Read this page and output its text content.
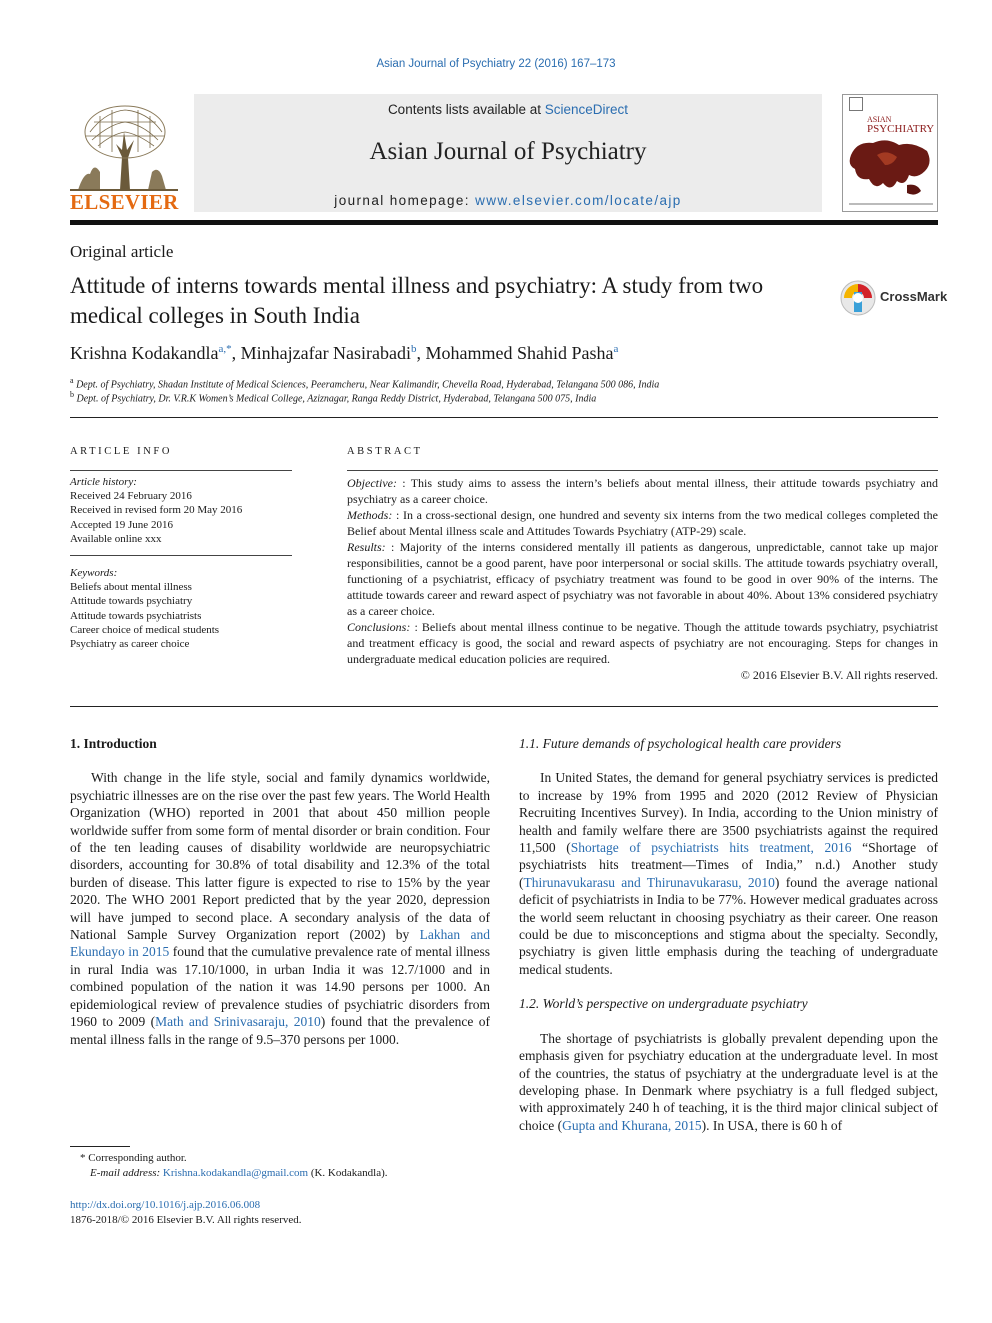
Asian Journal of Psychiatry 22 (2016) 167–173
ELSEVIER
Contents lists available at ScienceDirect
Asian Journal of Psychiatry
journal homepage: www.elsevier.com/locate/ajp
ASIAN
PSYCHIATRY
Original article
Attitude of interns towards mental illness and psychiatry: A study from two medical colleges in South India
CrossMark
Krishna Kodakandla$^{a,*}$, Minhajzafar Nasirabadi$^b$, Mohammed Shahid Pasha$^a$
$^a$ Dept. of Psychiatry, Shadan Institute of Medical Sciences, Peeramcheru, Near Kalimandir, Chevella Road, Hyderabad, Telangana 500 086, India
$^b$ Dept. of Psychiatry, Dr. V.R.K Women’s Medical College, Aziznagar, Ranga Reddy District, Hyderabad, Telangana 500 075, India
ARTICLE INFO
Article history:
Received 24 February 2016
Received in revised form 20 May 2016
Accepted 19 June 2016
Available online xxx
Keywords:
Beliefs about mental illness
Attitude towards psychiatry
Attitude towards psychiatrists
Career choice of medical students
Psychiatry as career choice
ABSTRACT

Objective: : This study aims to assess the intern’s beliefs about mental illness, their attitude towards psychiatry and psychiatry as a career choice.

Methods: : In a cross-sectional design, one hundred and seventy six interns from the two medical colleges completed the Belief about Mental illness scale and Attitudes Towards Psychiatry (ATP-29) scale.

Results: : Majority of the interns considered mentally ill patients as dangerous, unpredictable, cannot take up major responsibilities, cannot be a good parent, have poor interpersonal or social skills. The attitude towards psychiatry overall, functioning of a psychiatrist, efficacy of psychiatry treatment was found to be good in over 90% of the interns. The attitude towards career and reward aspect of psychiatry was not favorable in about 40%. About 13% considered psychiatry as a career choice.

Conclusions: : Beliefs about mental illness continue to be negative. Though the attitude towards psychiatry, psychiatrist and treatment efficacy is good, the social and reward aspects of psychiatry are not encouraging. Steps for changes in undergraduate medical education policies are required.

© 2016 Elsevier B.V. All rights reserved.

1. Introduction
With change in the life style, social and family dynamics worldwide, psychiatric illnesses are on the rise over the past few years. The World Health Organization (WHO) reported in 2001 that about 450 million people worldwide suffer from some form of mental disorder or brain condition. Four of the ten leading causes of disability worldwide are neuropsychiatric disorders, accounting for 30.8% of total disability and 12.3% of the total burden of disease. This latter figure is expected to rise to 15% by the year 2020. The WHO 2001 Report predicted that by the year 2020, depression will have jumped to second place. A secondary analysis of the data of National Sample Survey Organization report (2002) by Lakhan and Ekundayo in 2015 found that the cumulative prevalence rate of mental illness in rural India was 17.10/1000, in urban India it was 12.7/1000 and in combined population of the nation it was 14.90 persons per 1000. An epidemiological review of prevalence studies of psychiatric disorders from 1960 to 2009 (Math and Srinivasaraju, 2010) found that the prevalence of mental illness falls in the range of 9.5–370 persons per 1000.
1.1. Future demands of psychological health care providers
In United States, the demand for general psychiatry services is predicted to increase by 19% from 1995 and 2020 (2012 Review of Physician Recruiting Incentives Survey). In India, according to the Union ministry of health and family welfare there are 3500 psychiatrists against the required 11,500 (Shortage of psychiatrists hits treatment, 2016 “Shortage of psychiatrists hits treatment—Times of India,” n.d.) Another study (Thirunavukarasu and Thirunavukarasu, 2010) found the average national deficit of psychiatrists in India to be 77%. However medical graduates across the world seem reluctant in choosing psychiatry as their career. One reason could be due to misconceptions and stigma about the specialty. Secondly, psychiatry is given little emphasis during the teaching of undergraduate medical students.
1.2. World’s perspective on undergraduate psychiatry
The shortage of psychiatrists is globally prevalent depending upon the emphasis given for psychiatry education at the undergraduate level. In most of the countries, the status of psychiatry at the undergraduate level is at the developing phase. In Denmark where psychiatry is a full fledged subject, with approximately 240 h of teaching, it is the third major clinical subject of choice (Gupta and Khurana, 2015). In USA, there is 60 h of
* Corresponding author.
E-mail address: Krishna.kodakandla@gmail.com (K. Kodakandla).
http://dx.doi.org/10.1016/j.ajp.2016.06.008
1876-2018/© 2016 Elsevier B.V. All rights reserved.
